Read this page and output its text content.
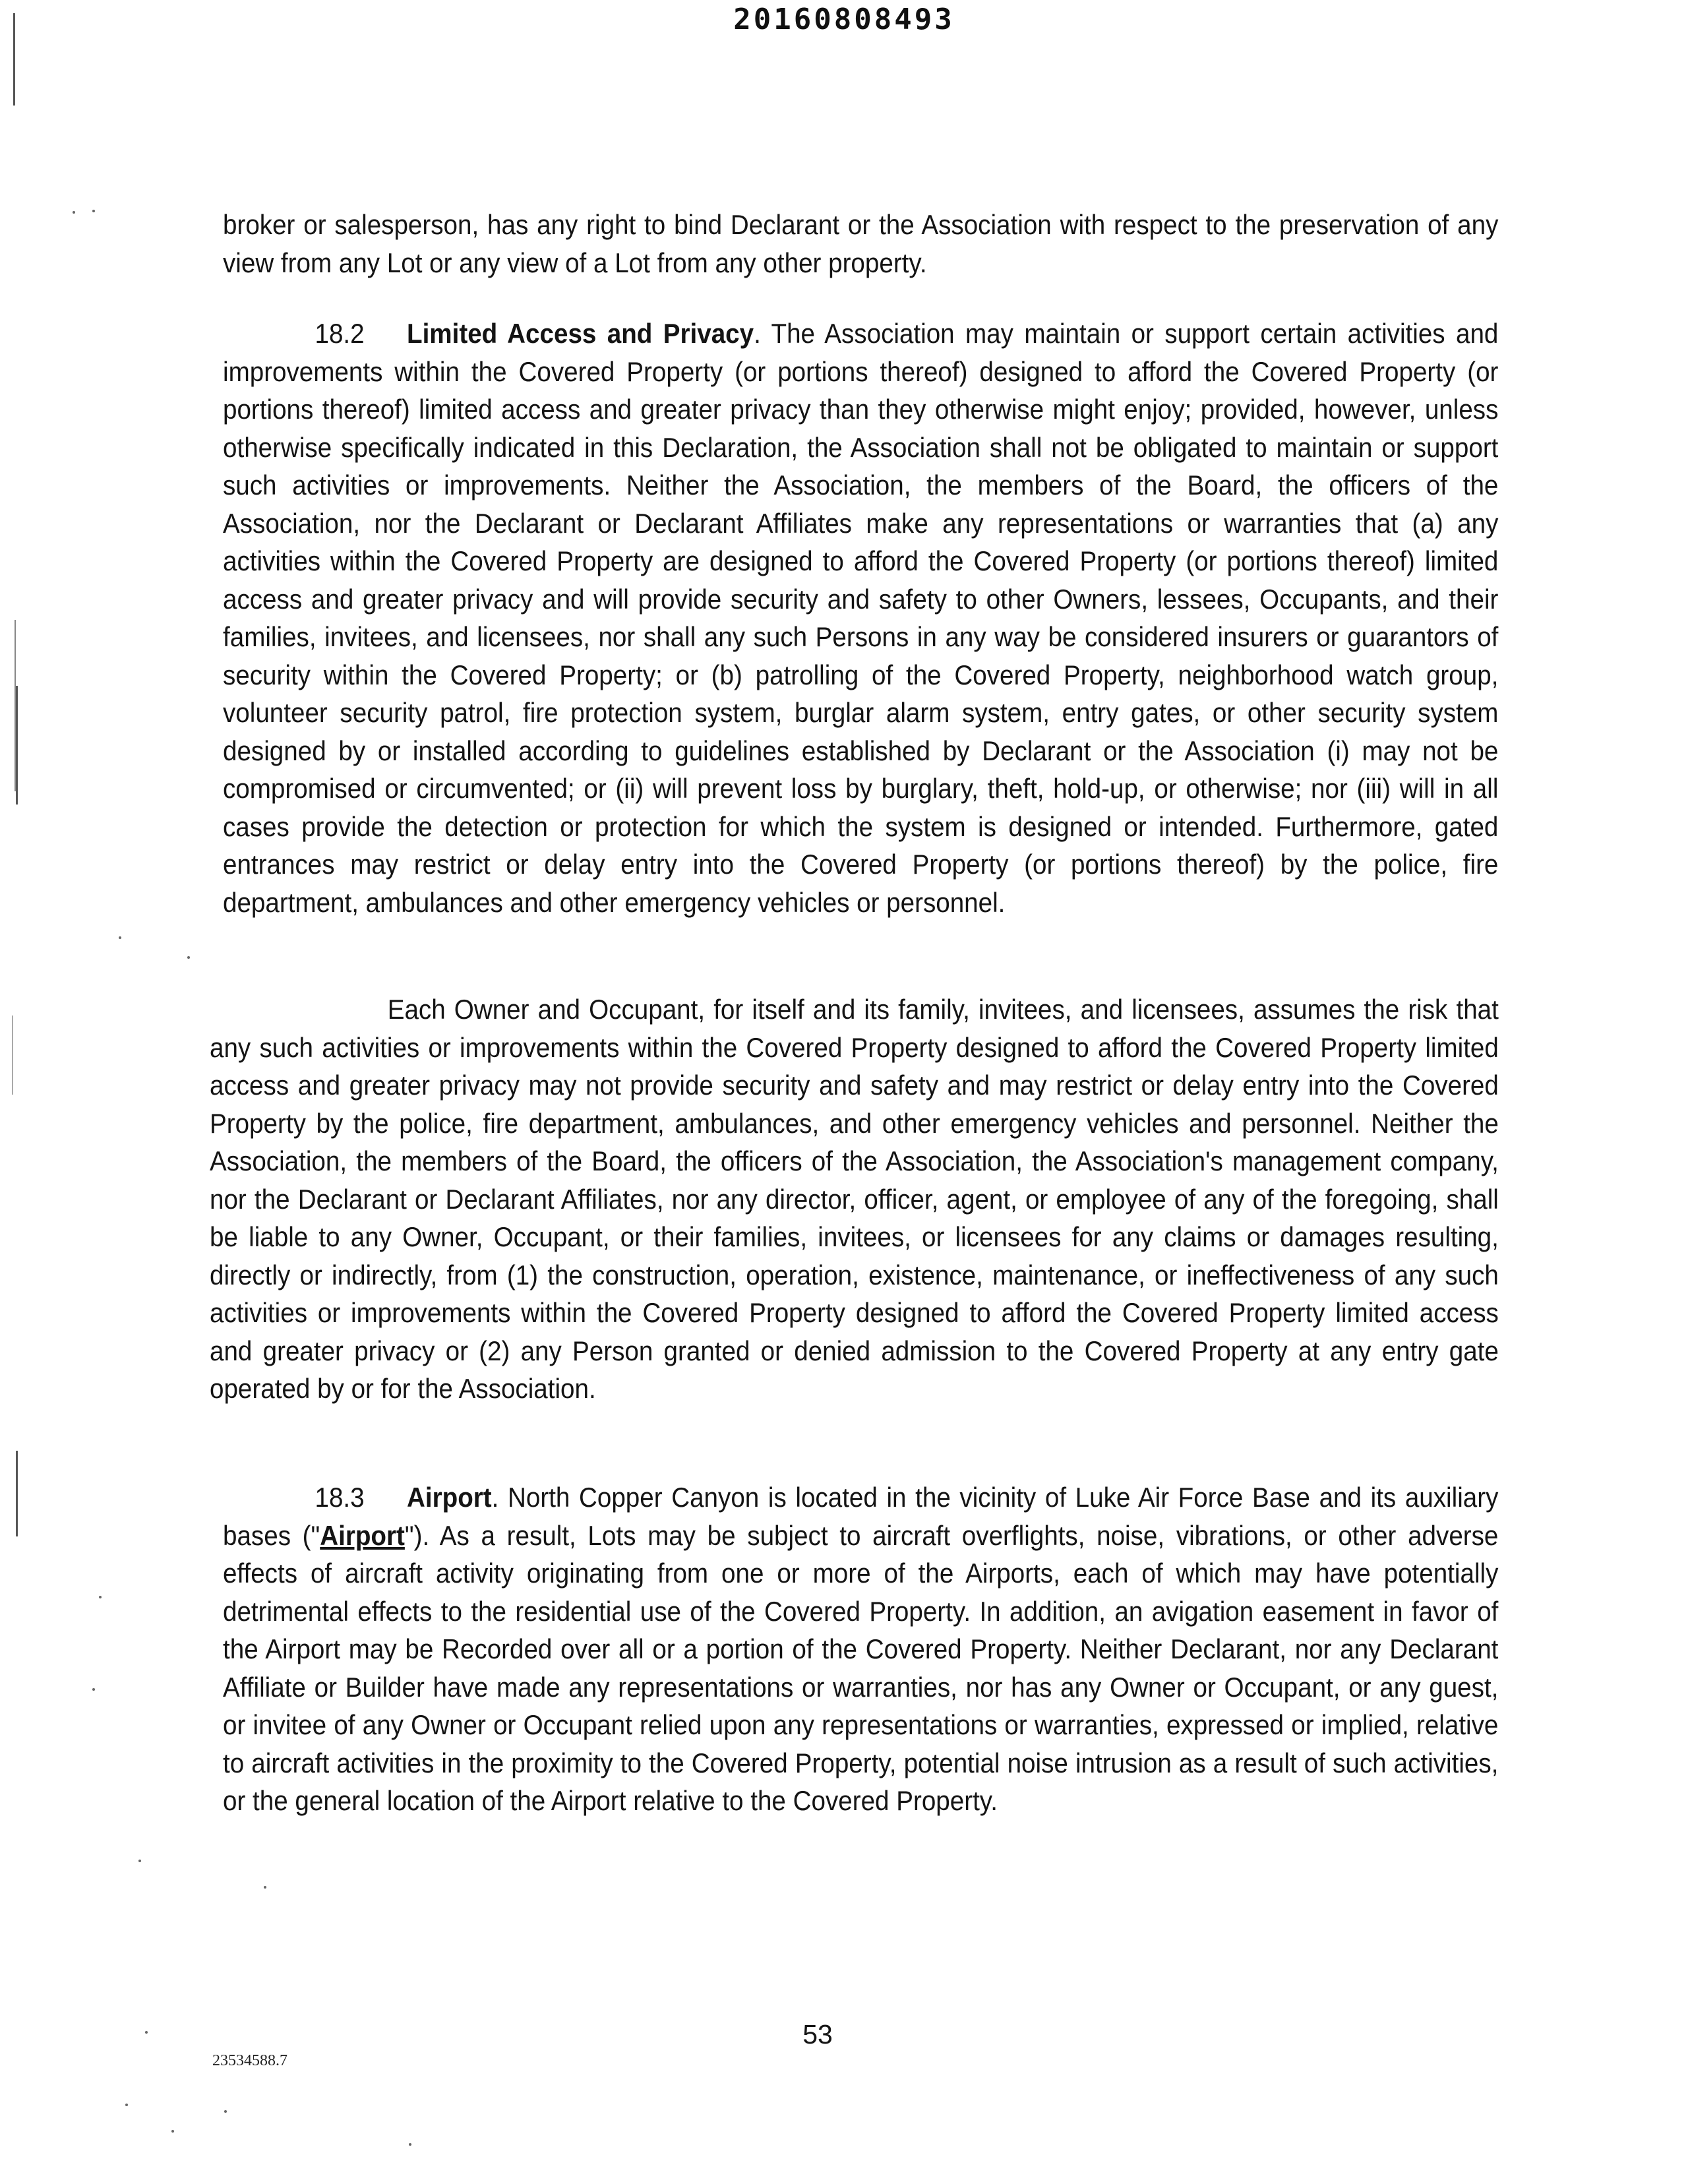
20160808493

broker or salesperson, has any right to bind Declarant or the Association with respect to the preservation of any view from any Lot or any view of a Lot from any other property.

18.2 Limited Access and Privacy. The Association may maintain or support certain activities and improvements within the Covered Property (or portions thereof) designed to afford the Covered Property (or portions thereof) limited access and greater privacy than they otherwise might enjoy; provided, however, unless otherwise specifically indicated in this Declaration, the Association shall not be obligated to maintain or support such activities or improvements. Neither the Association, the members of the Board, the officers of the Association, nor the Declarant or Declarant Affiliates make any representations or warranties that (a) any activities within the Covered Property are designed to afford the Covered Property (or portions thereof) limited access and greater privacy and will provide security and safety to other Owners, lessees, Occupants, and their families, invitees, and licensees, nor shall any such Persons in any way be considered insurers or guarantors of security within the Covered Property; or (b) patrolling of the Covered Property, neighborhood watch group, volunteer security patrol, fire protection system, burglar alarm system, entry gates, or other security system designed by or installed according to guidelines established by Declarant or the Association (i) may not be compromised or circumvented; or (ii) will prevent loss by burglary, theft, hold-up, or otherwise; nor (iii) will in all cases provide the detection or protection for which the system is designed or intended. Furthermore, gated entrances may restrict or delay entry into the Covered Property (or portions thereof) by the police, fire department, ambulances and other emergency vehicles or personnel.

Each Owner and Occupant, for itself and its family, invitees, and licensees, assumes the risk that any such activities or improvements within the Covered Property designed to afford the Covered Property limited access and greater privacy may not provide security and safety and may restrict or delay entry into the Covered Property by the police, fire department, ambulances, and other emergency vehicles and personnel. Neither the Association, the members of the Board, the officers of the Association, the Association's management company, nor the Declarant or Declarant Affiliates, nor any director, officer, agent, or employee of any of the foregoing, shall be liable to any Owner, Occupant, or their families, invitees, or licensees for any claims or damages resulting, directly or indirectly, from (1) the construction, operation, existence, maintenance, or ineffectiveness of any such activities or improvements within the Covered Property designed to afford the Covered Property limited access and greater privacy or (2) any Person granted or denied admission to the Covered Property at any entry gate operated by or for the Association.

18.3 Airport. North Copper Canyon is located in the vicinity of Luke Air Force Base and its auxiliary bases ("Airport"). As a result, Lots may be subject to aircraft overflights, noise, vibrations, or other adverse effects of aircraft activity originating from one or more of the Airports, each of which may have potentially detrimental effects to the residential use of the Covered Property. In addition, an avigation easement in favor of the Airport may be Recorded over all or a portion of the Covered Property. Neither Declarant, nor any Declarant Affiliate or Builder have made any representations or warranties, nor has any Owner or Occupant, or any guest, or invitee of any Owner or Occupant relied upon any representations or warranties, expressed or implied, relative to aircraft activities in the proximity to the Covered Property, potential noise intrusion as a result of such activities, or the general location of the Airport relative to the Covered Property.

53
23534588.7
